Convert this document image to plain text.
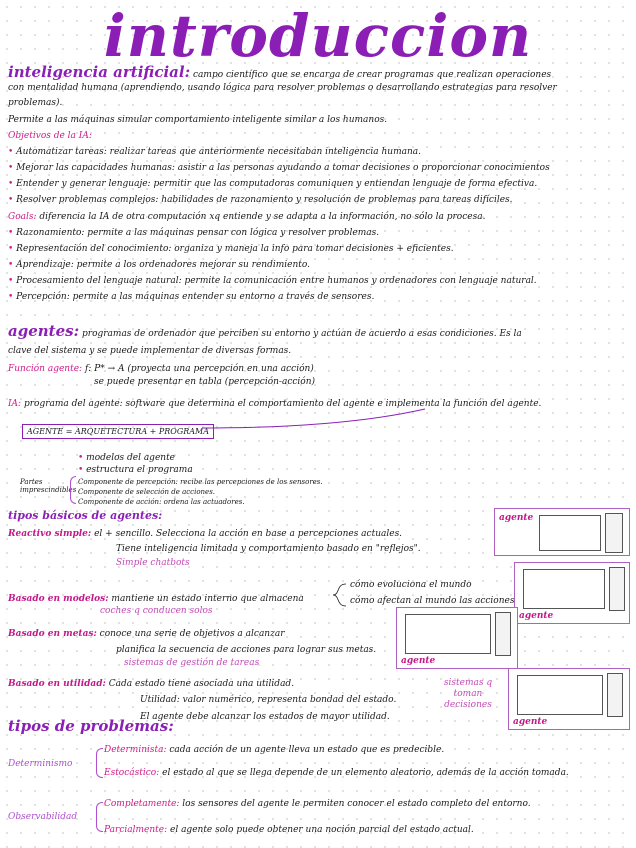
introduccion
inteligencia artificial: campo científico que se encarga de crear programas que realizan operaciones
con mentalidad humana (aprendiendo, usando lógica para resolver problemas o desarrollando estrategias para resolver
problemas).
Permite a las máquinas simular comportamiento inteligente similar a los humanos.
Objetivos de la IA:
• Automatizar tareas: realizar tareas que anteriormente necesitaban inteligencia humana.
• Mejorar las capacidades humanas: asistir a las personas ayudando a tomar decisiones o proporcionar conocimientos
• Entender y generar lenguaje: permitir que las computadoras comuniquen y entiendan lenguaje de forma efectiva.
• Resolver problemas complejos: habilidades de razonamiento y resolución de problemas para tareas difíciles.
Goals: diferencia la IA de otra computación xq entiende y se adapta a la información, no sólo la procesa.
• Razonamiento: permite a las máquinas pensar con lógica y resolver problemas.
• Representación del conocimiento: organiza y maneja la info para tomar decisiones + eficientes.
• Aprendizaje: permite a los ordenadores mejorar su rendimiento.
• Procesamiento del lenguaje natural: permite la comunicación entre humanos y ordenadores con lenguaje natural.
• Percepción: permite a las máquinas entender su entorno a través de sensores.
agentes: programas de ordenador que perciben su entorno y actúan de acuerdo a esas condiciones. Es la
clave del sistema y se puede implementar de diversas formas.
Función agente: f: P* → A (proyecta una percepción en una acción)
se puede presentar en tabla (percepción-acción)
IA: programa del agente: software que determina el comportamiento del agente e implementa la función del agente.
AGENTE = ARQUETECTURA + PROGRAMA
• modelos del agente
• estructura el programa
Partes imprescindibles
Componente de percepción: recibe las percepciones de los sensores.
Componente de selección de acciones.
Componente de acción: ordena las actuadores.
tipos básicos de agentes:
Reactivo simple: el + sencillo. Selecciona la acción en base a percepciones actuales.
Tiene inteligencia limitada y comportamiento basado en "reflejos".
Simple chatbots
Basado en modelos: mantiene un estado interno que almacena
cómo evoluciona el mundo
cómo afectan al mundo las acciones
coches q conducen solos
Basado en metas: conoce una serie de objetivos a alcanzar
planifica la secuencia de acciones para lograr sus metas.
sistemas de gestión de tareas
Basado en utilidad: Cada estado tiene asociada una utilidad.
Utilidad: valor numérico, representa bondad del estado.
El agente debe alcanzar los estados de mayor utilidad.
sistemas q toman decisiones
agente
agente
agente
agente
tipos de problemas:
Determinismo
Determinista: cada acción de un agente lleva un estado que es predecible.
Estocástico: el estado al que se llega depende de un elemento aleatorio, además de la acción tomada.
Observabilidad
Completamente: los sensores del agente le permiten conocer el estado completo del entorno.
Parcialmente: el agente solo puede obtener una noción parcial del estado actual.
